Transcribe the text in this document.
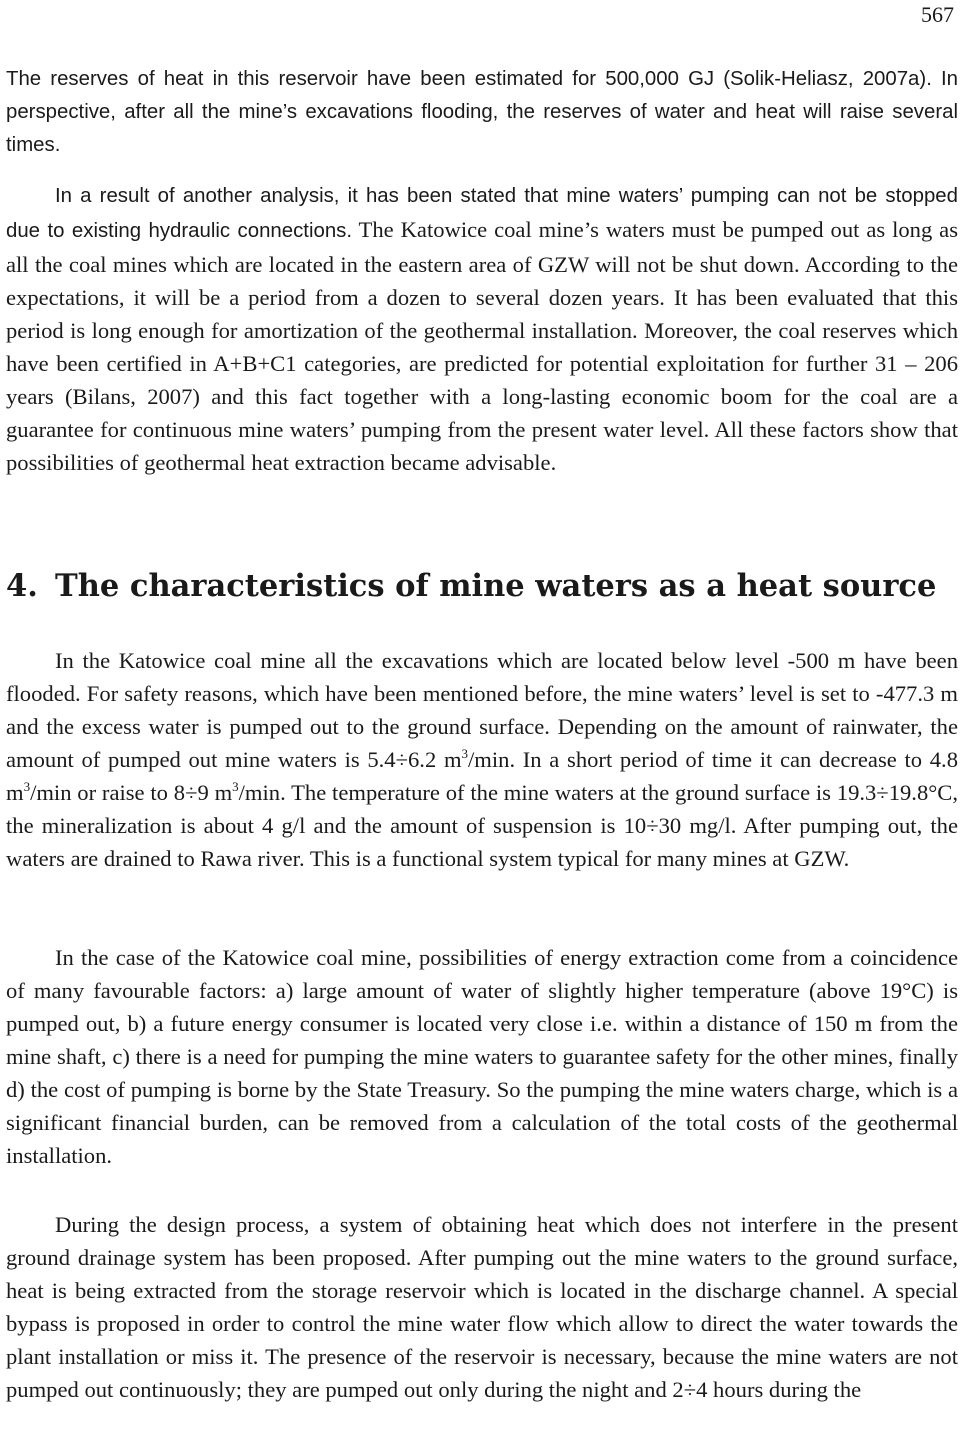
567

The reserves of heat in this reservoir have been estimated for 500,000 GJ (Solik-Heliasz, 2007a). In perspective, after all the mine’s excavations flooding, the reserves of water and heat will raise several times.

In a result of another analysis, it has been stated that mine waters’ pumping can not be stopped due to existing hydraulic connections. The Katowice coal mine’s waters must be pumped out as long as all the coal mines which are located in the eastern area of GZW will not be shut down. According to the expectations, it will be a period from a dozen to several dozen years. It has been evaluated that this period is long enough for amortization of the geothermal installation. Moreover, the coal reserves which have been certified in A+B+C1 categories, are predicted for potential exploitation for further 31 – 206 years (Bilans, 2007) and this fact together with a long-lasting economic boom for the coal are a guarantee for continuous mine waters’ pumping from the present water level. All these factors show that possibilities of geothermal heat extraction became advisable.

4. The characteristics of mine waters as a heat source

In the Katowice coal mine all the excavations which are located below level -500 m have been flooded. For safety reasons, which have been mentioned before, the mine waters’ level is set to -477.3 m and the excess water is pumped out to the ground surface. Depending on the amount of rainwater, the amount of pumped out mine waters is 5.4÷6.2 $m^3/\min$. In a short period of time it can decrease to 4.8 $m^3/\min$ or raise to 8÷9 $m^3/\min$. The temperature of the mine waters at the ground surface is 19.3÷19.8°C, the mineralization is about 4 g/l and the amount of suspension is 10÷30 mg/l. After pumping out, the waters are drained to Rawa river. This is a functional system typical for many mines at GZW.

In the case of the Katowice coal mine, possibilities of energy extraction come from a coincidence of many favourable factors: a) large amount of water of slightly higher temperature (above 19°C) is pumped out, b) a future energy consumer is located very close i.e. within a distance of 150 m from the mine shaft, c) there is a need for pumping the mine waters to guarantee safety for the other mines, finally d) the cost of pumping is borne by the State Treasury. So the pumping the mine waters charge, which is a significant financial burden, can be removed from a calculation of the total costs of the geothermal installation.

During the design process, a system of obtaining heat which does not interfere in the present ground drainage system has been proposed. After pumping out the mine waters to the ground surface, heat is being extracted from the storage reservoir which is located in the discharge channel. A special bypass is proposed in order to control the mine water flow which allow to direct the water towards the plant installation or miss it. The presence of the reservoir is necessary, because the mine waters are not pumped out continuously; they are pumped out only during the night and 2÷4 hours during the
